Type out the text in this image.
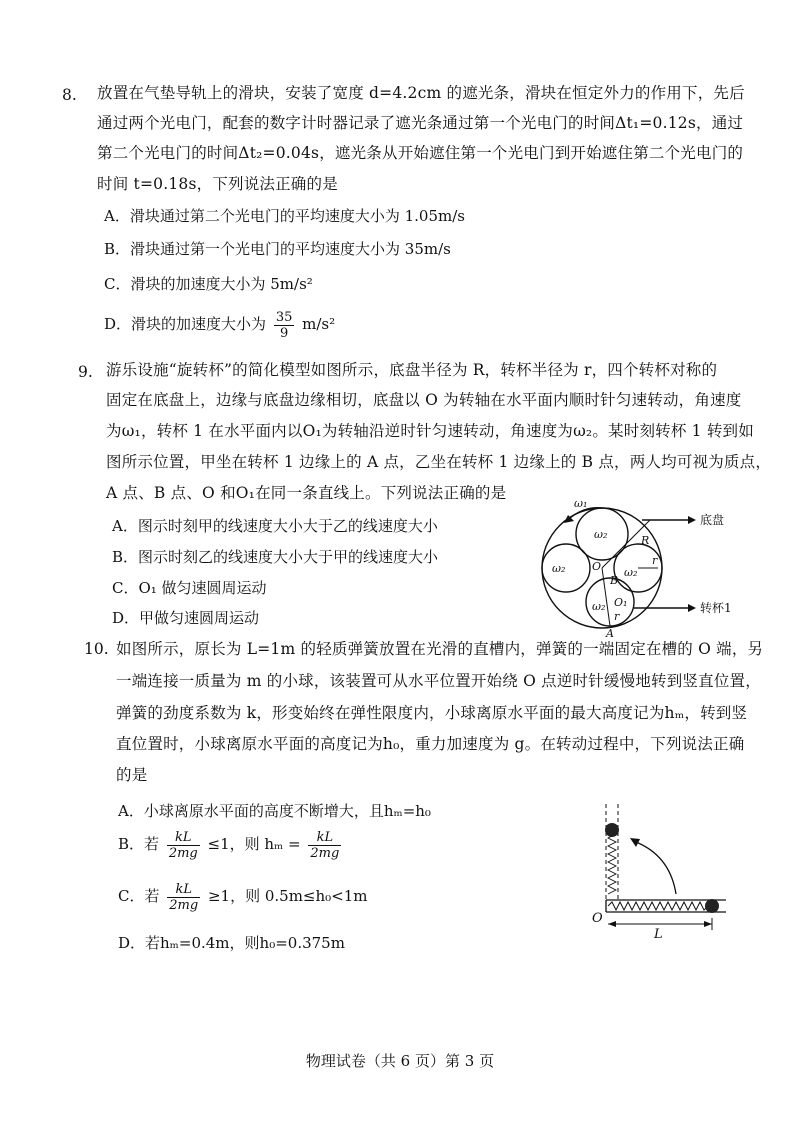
8. 放置在气垫导轨上的滑块，安装了宽度 d=4.2cm 的遮光条，滑块在恒定外力的作用下，先后
通过两个光电门，配套的数字计时器记录了遮光条通过第一个光电门的时间Δt₁=0.12s，通过
第二个光电门的时间Δt₂=0.04s，遮光条从开始遮住第一个光电门到开始遮住第二个光电门的
时间 t=0.18s，下列说法正确的是
A．滑块通过第二个光电门的平均速度大小为 1.05m/s
B．滑块通过第一个光电门的平均速度大小为 35m/s
C．滑块的加速度大小为 5m/s²
D．滑块的加速度大小为 $\frac{35}{9} m/s^2$
9. 游乐设施“旋转杯”的简化模型如图所示，底盘半径为 R，转杯半径为 r，四个转杯对称的
固定在底盘上，边缘与底盘边缘相切，底盘以 O 为转轴在水平面内顺时针匀速转动，角速度
为ω₁，转杯 1 在水平面内以O₁为转轴沿逆时针匀速转动，角速度为ω₂。某时刻转杯 1 转到如
图所示位置，甲坐在转杯 1 边缘上的 A 点，乙坐在转杯 1 边缘上的 B 点，两人均可视为质点，
A 点、B 点、O 和O₁在同一条直线上。下列说法正确的是
A．图示时刻甲的线速度大小大于乙的线速度大小
B．图示时刻乙的线速度大小大于甲的线速度大小
C．O₁ 做匀速圆周运动
D．甲做匀速圆周运动
ω₁
ω₂
ω₂	ω₂
ω₂
R
r
O
B
O₁
r
A
底盘
转杯1
10. 如图所示，原长为 L=1m 的轻质弹簧放置在光滑的直槽内，弹簧的一端固定在槽的 O 端，另
一端连接一质量为 m 的小球，该装置可从水平位置开始绕 O 点逆时针缓慢地转到竖直位置，
弹簧的劲度系数为 k，形变始终在弹性限度内，小球离原水平面的最大高度记为hₘ，转到竖
直位置时，小球离原水平面的高度记为h₀，重力加速度为 g。在转动过程中，下列说法正确
的是
A．小球离原水平面的高度不断增大，且hₘ=h₀
B．若 $\frac{kL}{2mg} \le 1$，则 $h_m = \frac{kL}{2mg}$
C．若 $\frac{kL}{2mg} \ge 1$，则 0.5m≤h₀<1m
D．若hₘ=0.4m，则h₀=0.375m
O
L
物理试卷（共 6 页）第 3 页
